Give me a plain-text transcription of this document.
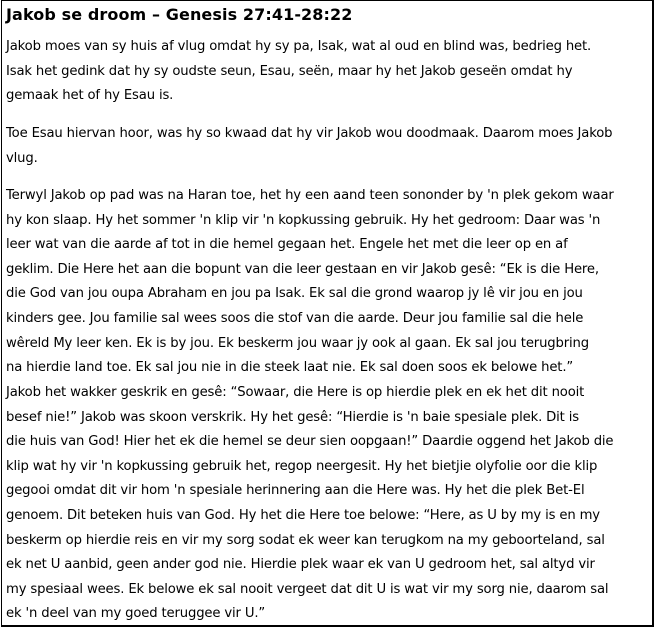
Jakob se droom – Genesis 27:41-28:22

Jakob moes van sy huis af vlug omdat hy sy pa, Isak, wat al oud en blind was, bedrieg het.
Isak het gedink dat hy sy oudste seun, Esau, seën, maar hy het Jakob geseën omdat hy
gemaak het of hy Esau is.

Toe Esau hiervan hoor, was hy so kwaad dat hy vir Jakob wou doodmaak. Daarom moes Jakob
vlug.

Terwyl Jakob op pad was na Haran toe, het hy een aand teen sononder by 'n plek gekom waar
hy kon slaap. Hy het sommer 'n klip vir 'n kopkussing gebruik. Hy het gedroom: Daar was 'n
leer wat van die aarde af tot in die hemel gegaan het. Engele het met die leer op en af
geklim. Die Here het aan die bopunt van die leer gestaan en vir Jakob gesê: “Ek is die Here,
die God van jou oupa Abraham en jou pa Isak. Ek sal die grond waarop jy lê vir jou en jou
kinders gee. Jou familie sal wees soos die stof van die aarde. Deur jou familie sal die hele
wêreld My leer ken. Ek is by jou. Ek beskerm jou waar jy ook al gaan. Ek sal jou terugbring
na hierdie land toe. Ek sal jou nie in die steek laat nie. Ek sal doen soos ek belowe het.”

Jakob het wakker geskrik en gesê: “Sowaar, die Here is op hierdie plek en ek het dit nooit
besef nie!” Jakob was skoon verskrik. Hy het gesê: “Hierdie is 'n baie spesiale plek. Dit is
die huis van God! Hier het ek die hemel se deur sien oopgaan!” Daardie oggend het Jakob die
klip wat hy vir 'n kopkussing gebruik het, regop neergesit. Hy het bietjie olyfolie oor die klip
gegooi omdat dit vir hom 'n spesiale herinnering aan die Here was. Hy het die plek Bet-El
genoem. Dit beteken huis van God. Hy het die Here toe belowe: “Here, as U by my is en my
beskerm op hierdie reis en vir my sorg sodat ek weer kan terugkom na my geboorteland, sal
ek net U aanbid, geen ander god nie. Hierdie plek waar ek van U gedroom het, sal altyd vir
my spesiaal wees. Ek belowe ek sal nooit vergeet dat dit U is wat vir my sorg nie, daarom sal
ek 'n deel van my goed teruggee vir U.”
